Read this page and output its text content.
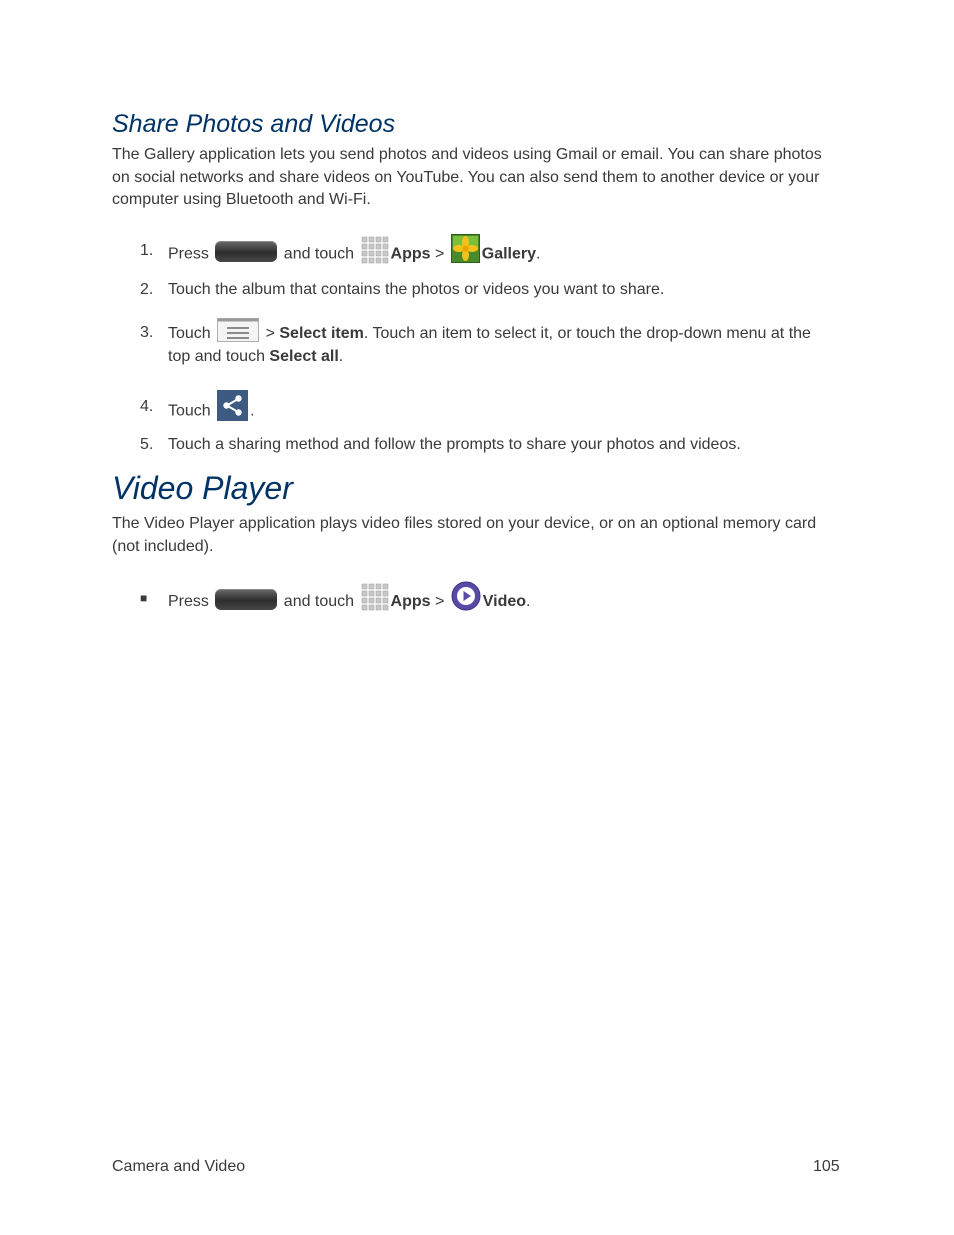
Share Photos and Videos

The Gallery application lets you send photos and videos using Gmail or email. You can share photos on social networks and share videos on YouTube. You can also send them to another device or your computer using Bluetooth and Wi-Fi.

1. Press	and touch Apps > Gallery.
2. Touch the album that contains the photos or videos you want to share.
3. Touch	> Select item. Touch an item to select it, or touch the drop-down menu at the top and touch Select all.
4. Touch .
5. Touch a sharing method and follow the prompts to share your photos and videos.
Video Player

The Video Player application plays video files stored on your device, or on an optional memory card (not included).

■ Press	and touch Apps > Video.
Camera and Video	105
